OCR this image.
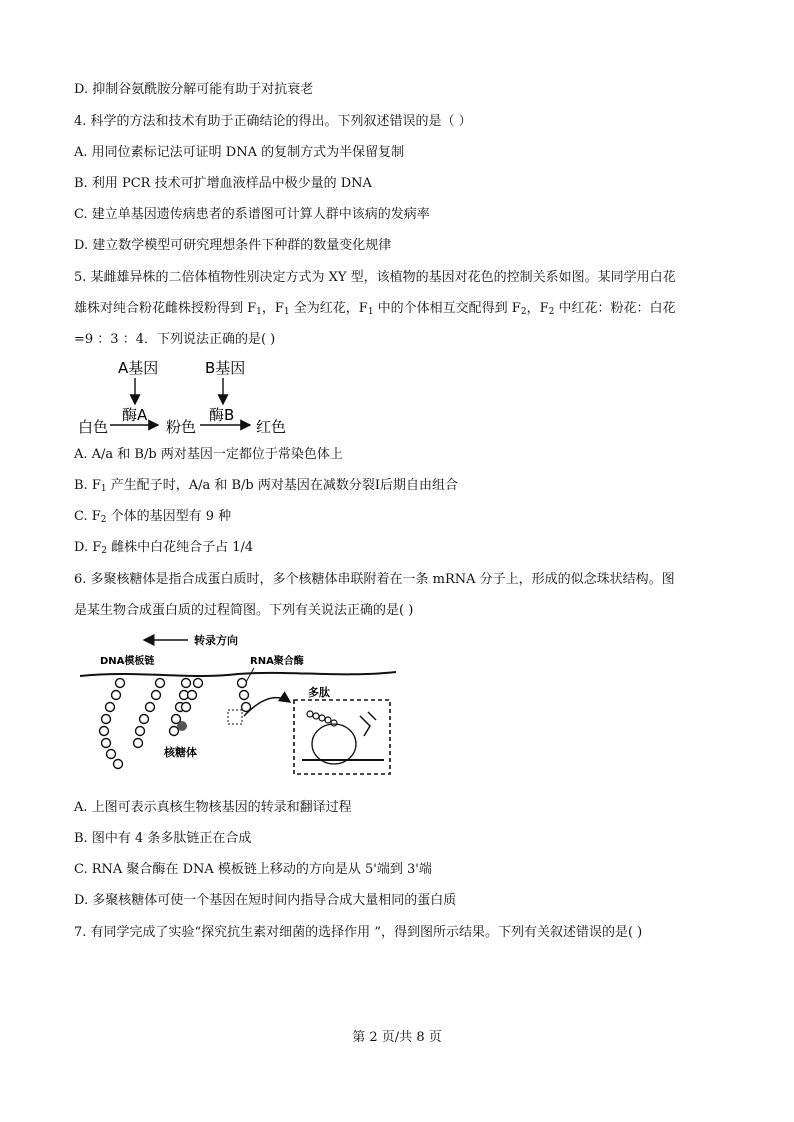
D. 抑制谷氨酰胺分解可能有助于对抗衰老
4. 科学的方法和技术有助于正确结论的得出。下列叙述错误的是（ ）
A. 用同位素标记法可证明 DNA 的复制方式为半保留复制
B. 利用 PCR 技术可扩增血液样品中极少量的 DNA
C. 建立单基因遗传病患者的系谱图可计算人群中该病的发病率
D. 建立数学模型可研究理想条件下种群的数量变化规律
5. 某雌雄异株的二倍体植物性别决定方式为 XY 型，该植物的基因对花色的控制关系如图。某同学用白花
雄株对纯合粉花雌株授粉得到 $F_1$，$F_1$ 全为红花，$F_1$ 中的个体相互交配得到 $F_2$，$F_2$ 中红花：粉花：白花
=9 ：3 ：4．下列说法正确的是( )
A基因	B基因
酶A	酶B
白色	粉色	红色
A. A/a 和 B/b 两对基因一定都位于常染色体上
B. $F_1$ 产生配子时，A/a 和 B/b 两对基因在减数分裂Ⅰ后期自由组合
C. $F_2$ 个体的基因型有 9 种
D. $F_2$ 雌株中白花纯合子占 1/4
6. 多聚核糖体是指合成蛋白质时，多个核糖体串联附着在一条 mRNA 分子上，形成的似念珠状结构。图
是某生物合成蛋白质的过程简图。下列有关说法正确的是( )
转录方向
DNA模板链	RNA聚合酶
核糖体
多肽
A. 上图可表示真核生物核基因的转录和翻译过程
B. 图中有 4 条多肽链正在合成
C. RNA 聚合酶在 DNA 模板链上移动的方向是从 5'端到 3'端
D. 多聚核糖体可使一个基因在短时间内指导合成大量相同的蛋白质
7. 有同学完成了实验“探究抗生素对细菌的选择作用 ”，得到图所示结果。下列有关叙述错误的是( )
第 2 页/共 8 页
